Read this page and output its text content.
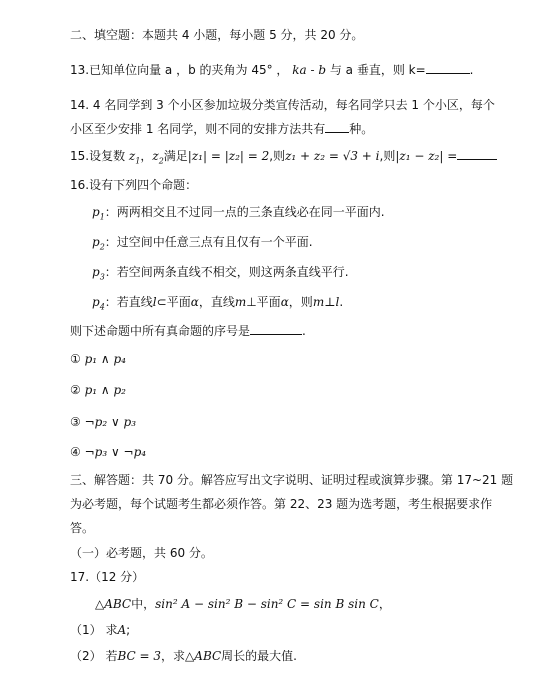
二、填空题：本题共 4 小题，每小题 5 分，共 20 分。
13.已知单位向量 a ，b 的夹角为 45° ， ka - b 与 a 垂直，则 k=	.
14. 4 名同学到 3 个小区参加垃圾分类宣传活动，每名同学只去 1 个小区，每个
小区至少安排 1 名同学，则不同的安排方法共有 种。
15.设复数 $z_1$，$z_2$满足|z₁| = |z₂| = 2,则z₁ + z₂ = √3 + i,则|z₁ − z₂| =
16.设有下列四个命题：
$p_1$：两两相交且不过同一点的三条直线必在同一平面内.
$p_2$：过空间中任意三点有且仅有一个平面.
$p_3$：若空间两条直线不相交，则这两条直线平行.
$p_4$：若直线l⊂平面α，直线m⊥平面α，则m⊥l.
则下述命题中所有真命题的序号是	.
① p₁ ∧ p₄
② p₁ ∧ p₂
③ ¬p₂ ∨ p₃
④ ¬p₃ ∨ ¬p₄
三、解答题：共 70 分。解答应写出文字说明、证明过程或演算步骤。第 17~21 题
为必考题，每个试题考生都必须作答。第 22、23 题为选考题，考生根据要求作
答。
（一）必考题，共 60 分。
17.（12 分）
△ABC中，sin² A − sin² B − sin² C = sin B sin C，
（1） 求A;
（2） 若BC = 3，求△ABC周长的最大值.
